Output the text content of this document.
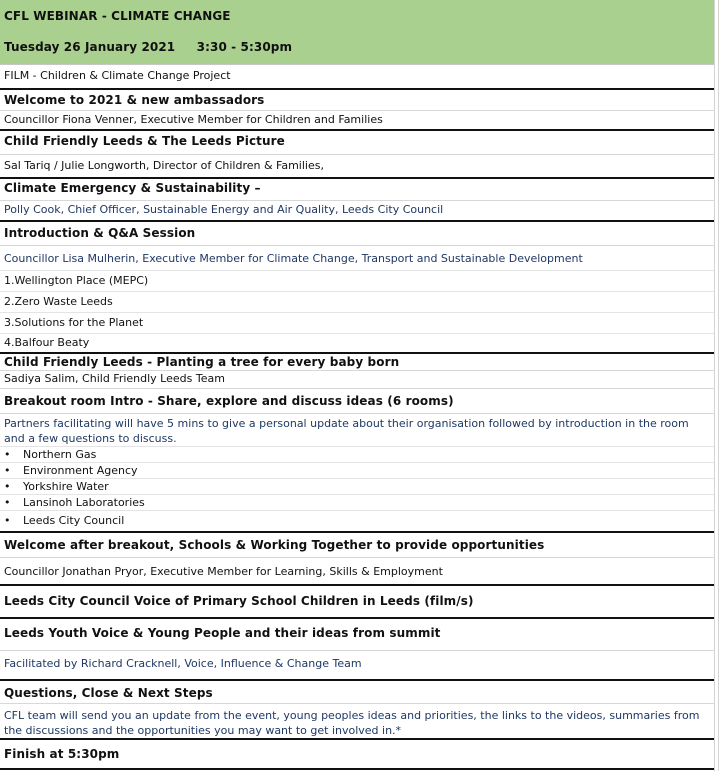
CFL WEBINAR - CLIMATE CHANGE
Tuesday 26 January 2021 3:30 - 5:30pm
FILM - Children & Climate Change Project
Welcome to 2021 & new ambassadors
Councillor Fiona Venner, Executive Member for Children and Families
Child Friendly Leeds & The Leeds Picture
Sal Tariq / Julie Longworth, Director of Children & Families,
Climate Emergency & Sustainability –
Polly Cook, Chief Officer, Sustainable Energy and Air Quality, Leeds City Council
Introduction & Q&A Session
Councillor Lisa Mulherin, Executive Member for Climate Change, Transport and Sustainable Development
1.Wellington Place (MEPC)
2.Zero Waste Leeds
3.Solutions for the Planet
4.Balfour Beaty
Child Friendly Leeds - Planting a tree for every baby born
Sadiya Salim, Child Friendly Leeds Team
Breakout room Intro - Share, explore and discuss ideas (6 rooms)
Partners facilitating will have 5 mins to give a personal update about their organisation followed by introduction in the room and a few questions to discuss.
• Northern Gas
• Environment Agency
• Yorkshire Water
• Lansinoh Laboratories
• Leeds City Council
Welcome after breakout, Schools & Working Together to provide opportunities
Councillor Jonathan Pryor, Executive Member for Learning, Skills & Employment
Leeds City Council Voice of Primary School Children in Leeds (film/s)
Leeds Youth Voice & Young People and their ideas from summit
Facilitated by Richard Cracknell, Voice, Influence & Change Team
Questions, Close & Next Steps
CFL team will send you an update from the event, young peoples ideas and priorities, the links to the videos, summaries from the discussions and the opportunities you may want to get involved in.*
Finish at 5:30pm
